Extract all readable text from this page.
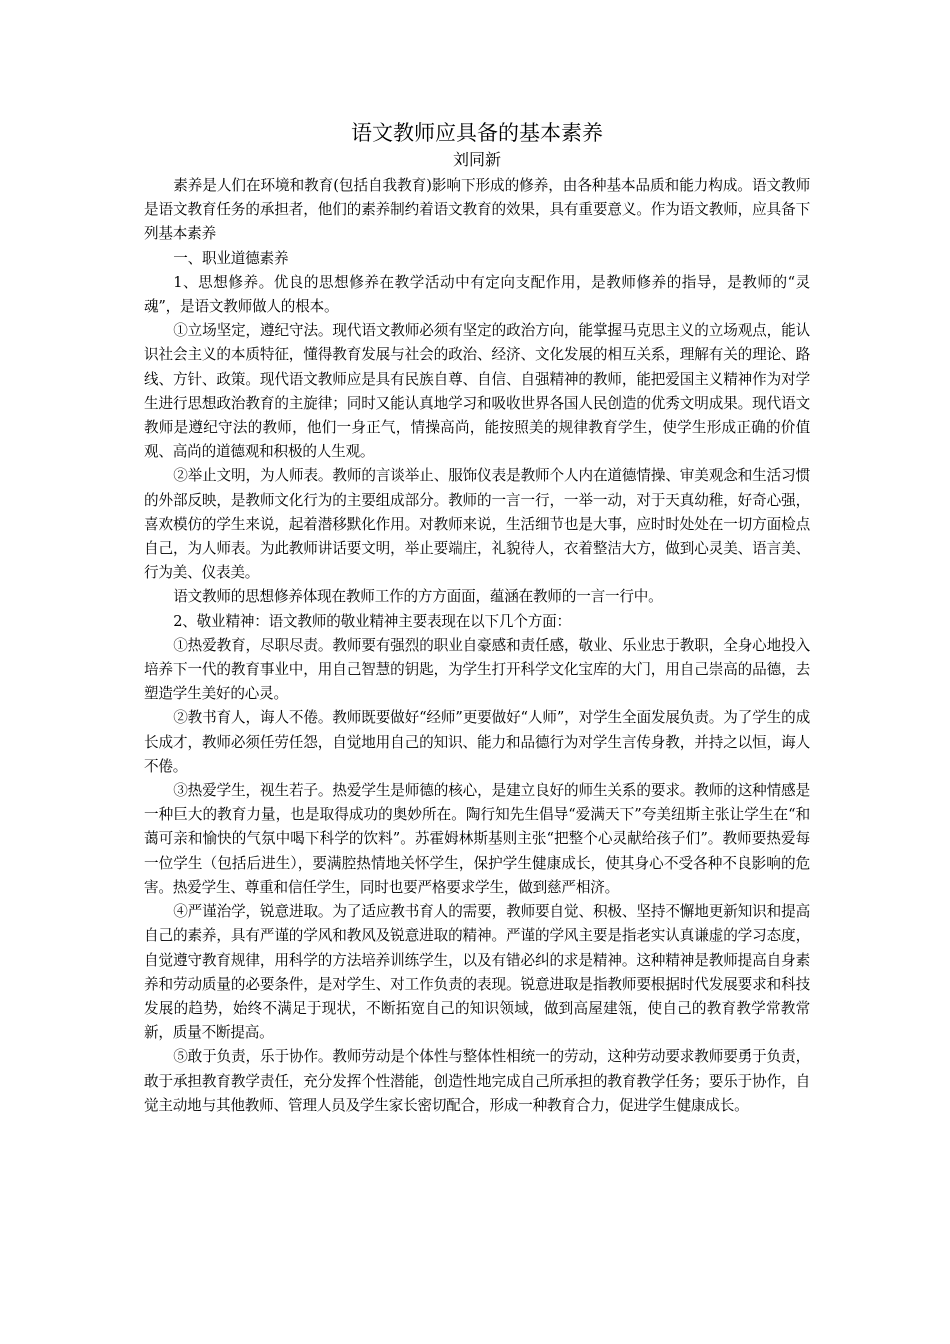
语文教师应具备的基本素养
刘同新

素养是人们在环境和教育(包括自我教育)影响下形成的修养，由各种基本品质和能力构成。语文教师是语文教育任务的承担者，他们的素养制约着语文教育的效果，具有重要意义。作为语文教师，应具备下列基本素养

一、职业道德素养

1、思想修养。优良的思想修养在教学活动中有定向支配作用，是教师修养的指导，是教师的“灵魂”，是语文教师做人的根本。

①立场坚定，遵纪守法。现代语文教师必须有坚定的政治方向，能掌握马克思主义的立场观点，能认识社会主义的本质特征，懂得教育发展与社会的政治、经济、文化发展的相互关系，理解有关的理论、路线、方针、政策。现代语文教师应是具有民族自尊、自信、自强精神的教师，能把爱国主义精神作为对学生进行思想政治教育的主旋律；同时又能认真地学习和吸收世界各国人民创造的优秀文明成果。现代语文教师是遵纪守法的教师，他们一身正气，情操高尚，能按照美的规律教育学生，使学生形成正确的价值观、高尚的道德观和积极的人生观。

②举止文明，为人师表。教师的言谈举止、服饰仪表是教师个人内在道德情操、审美观念和生活习惯的外部反映，是教师文化行为的主要组成部分。教师的一言一行，一举一动，对于天真幼稚，好奇心强，喜欢模仿的学生来说，起着潜移默化作用。对教师来说，生活细节也是大事，应时时处处在一切方面检点自己，为人师表。为此教师讲话要文明，举止要端庄，礼貌待人，衣着整洁大方，做到心灵美、语言美、行为美、仪表美。

语文教师的思想修养体现在教师工作的方方面面，蕴涵在教师的一言一行中。

2、敬业精神：语文教师的敬业精神主要表现在以下几个方面：

①热爱教育，尽职尽责。教师要有强烈的职业自豪感和责任感，敬业、乐业忠于教职，全身心地投入培养下一代的教育事业中，用自己智慧的钥匙，为学生打开科学文化宝库的大门，用自己崇高的品德，去塑造学生美好的心灵。

②教书育人，诲人不倦。教师既要做好“经师”更要做好“人师”，对学生全面发展负责。为了学生的成长成才，教师必须任劳任怨，自觉地用自己的知识、能力和品德行为对学生言传身教，并持之以恒，诲人不倦。

③热爱学生，视生若子。热爱学生是师德的核心，是建立良好的师生关系的要求。教师的这种情感是一种巨大的教育力量，也是取得成功的奥妙所在。陶行知先生倡导“爱满天下”夸美纽斯主张让学生在“和蔼可亲和愉快的气氛中喝下科学的饮料”。苏霍姆林斯基则主张“把整个心灵献给孩子们”。教师要热爱每一位学生（包括后进生），要满腔热情地关怀学生，保护学生健康成长，使其身心不受各种不良影响的危害。热爱学生、尊重和信任学生，同时也要严格要求学生，做到慈严相济。

④严谨治学，锐意进取。为了适应教书育人的需要，教师要自觉、积极、坚持不懈地更新知识和提高自己的素养，具有严谨的学风和教风及锐意进取的精神。严谨的学风主要是指老实认真谦虚的学习态度，自觉遵守教育规律，用科学的方法培养训练学生，以及有错必纠的求是精神。这种精神是教师提高自身素养和劳动质量的必要条件，是对学生、对工作负责的表现。锐意进取是指教师要根据时代发展要求和科技发展的趋势，始终不满足于现状，不断拓宽自己的知识领域，做到高屋建瓴，使自己的教育教学常教常新，质量不断提高。

⑤敢于负责，乐于协作。教师劳动是个体性与整体性相统一的劳动，这种劳动要求教师要勇于负责，敢于承担教育教学责任，充分发挥个性潜能，创造性地完成自己所承担的教育教学任务；要乐于协作，自觉主动地与其他教师、管理人员及学生家长密切配合，形成一种教育合力，促进学生健康成长。
